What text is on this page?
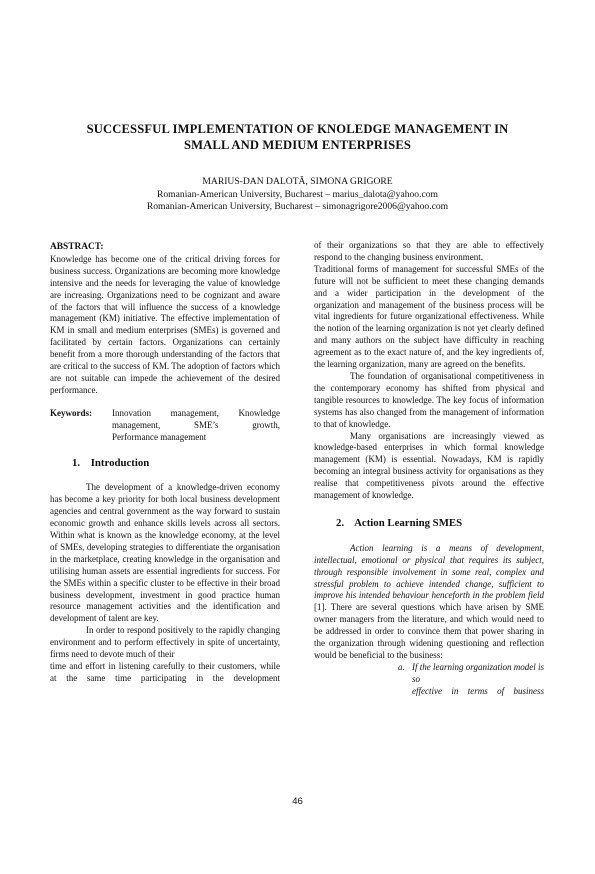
SUCCESSFUL IMPLEMENTATION OF KNOLEDGE MANAGEMENT IN
SMALL AND MEDIUM ENTERPRISES
MARIUS-DAN DALOTĂ, SIMONA GRIGORE
Romanian-American University, Bucharest – marius_dalota@yahoo.com
Romanian-American University, Bucharest – simonagrigore2006@yahoo.com
ABSTRACT:

Knowledge has become one of the critical driving forces for business success. Organizations are becoming more knowledge intensive and the needs for leveraging the value of knowledge are increasing. Organizations need to be cognizant and aware of the factors that will influence the success of a knowledge management (KM) initiative. The effective implementation of KM in small and medium enterprises (SMEs) is governed and facilitated by certain factors. Organizations can certainly benefit from a more thorough understanding of the factors that are critical to the success of KM. The adoption of factors which are not suitable can impede the achievement of the desired performance.

Keywords:	Innovation management, Knowledge
management, SME’s growth,
Performance management
1. Introduction

The development of a knowledge-driven economy has become a key priority for both local business development agencies and central government as the way forward to sustain economic growth and enhance skills levels across all sectors. Within what is known as the knowledge economy, at the level of SMEs, developing strategies to differentiate the organisation in the marketplace, creating knowledge in the organisation and utilising human assets are essential ingredients for success. For the SMEs within a specific cluster to be effective in their broad business development, investment in good practice human resource management activities and the identification and development of talent are key.

In order to respond positively to the rapidly changing environment and to perform effectively in spite of uncertainty, firms need to devote much of their

time and effort in listening carefully to their customers, while at the same time participating in the development

of their organizations so that they are able to effectively respond to the changing business environment.

Traditional forms of management for successful SMEs of the future will not be sufficient to meet these changing demands and a wider participation in the development of the organization and management of the business process will be vital ingredients for future organizational effectiveness. While the notion of the learning organization is not yet clearly defined and many authors on the subject have difficulty in reaching agreement as to the exact nature of, and the key ingredients of, the learning organization, many are agreed on the benefits.

The foundation of organisational competitiveness in the contemporary economy has shifted from physical and tangible resources to knowledge. The key focus of information systems has also changed from the management of information to that of knowledge.

Many organisations are increasingly viewed as knowledge-based enterprises in which formal knowledge management (KM) is essential. Nowadays, KM is rapidly becoming an integral business activity for organisations as they realise that competitiveness pivots around the effective management of knowledge.

2. Action Learning SMES

Action learning is a means of development, intellectual, emotional or physical that requires its subject, through responsible involvement in some real, complex and stressful problem to achieve intended change, sufficient to improve his intended behaviour henceforth in the problem field [1]. There are several questions which have arisen by SME owner managers from the literature, and which would need to be addressed in order to convince them that power sharing in the organization through widening questioning and reflection would be beneficial to the business:

a. If the learning organization model is so
effective in terms of business
46
